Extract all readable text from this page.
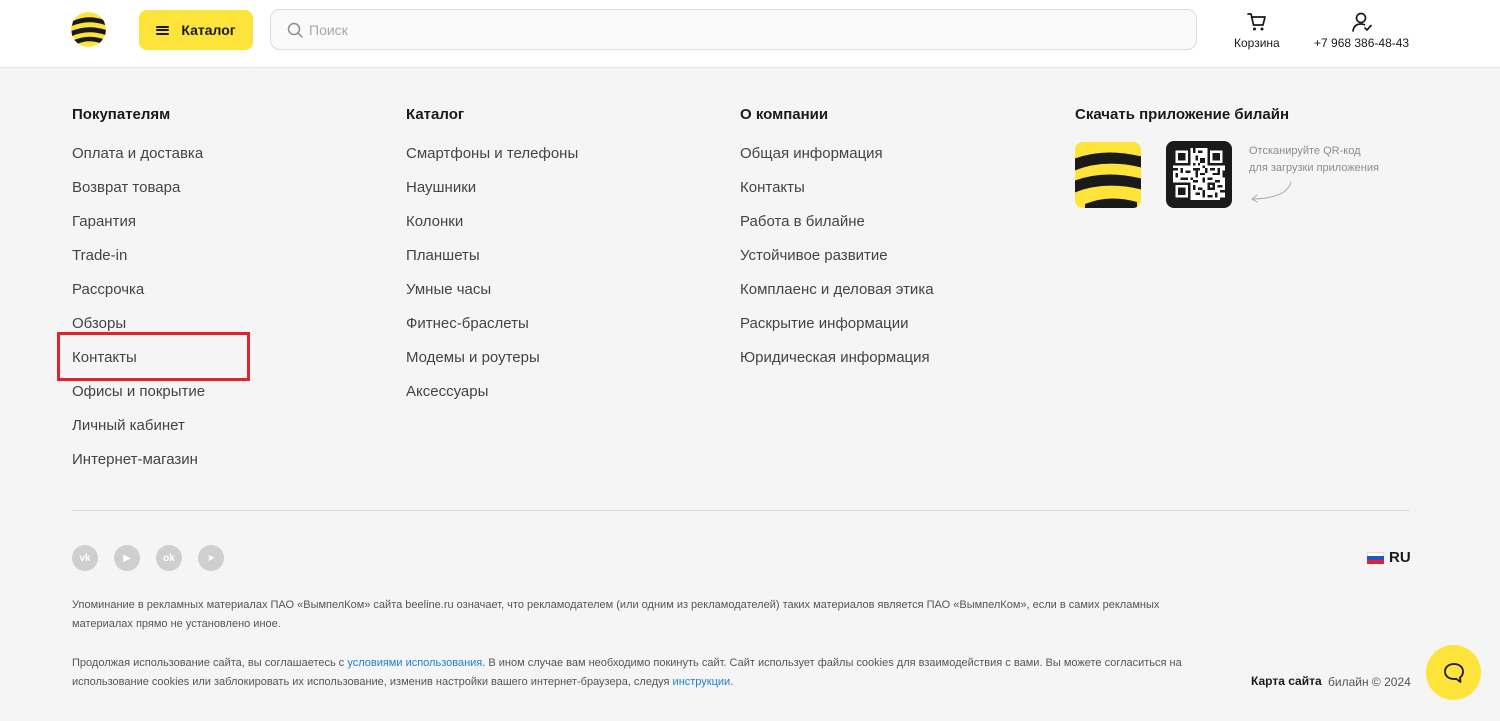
Каталог
Поиск
Корзина	+7 968 386-48-43
Покупателям
Оплата и доставка
Возврат товара
Гарантия
Trade-in
Рассрочка
Обзоры
Контакты
Офисы и покрытие
Личный кабинет
Интернет-магазин
Каталог
Смартфоны и телефоны
Наушники
Колонки
Планшеты
Умные часы
Фитнес-браслеты
Модемы и роутеры
Аксессуары
О компании
Общая информация
Контакты
Работа в билайне
Устойчивое развитие
Комплаенс и деловая этика
Раскрытие информации
Юридическая информация
Скачать приложение билайн
Отсканируйте QR-код
для загрузки приложения
vk	▶	ok	➤	RU
Упоминание в рекламных материалах ПАО «ВымпелКом» сайта beeline.ru означает, что рекламодателем (или одним из рекламодателей) таких материалов является ПАО «ВымпелКом», если в самих рекламных материалах прямо не установлено иное.
Продолжая использование сайта, вы соглашаетесь с условиями использования. В ином случае вам необходимо покинуть сайт. Сайт использует файлы cookies для взаимодействия с вами. Вы можете согласиться на использование cookies или заблокировать их использование, изменив настройки вашего интернет-браузера, следуя инструкции.	Карта сайта билайн © 2024
